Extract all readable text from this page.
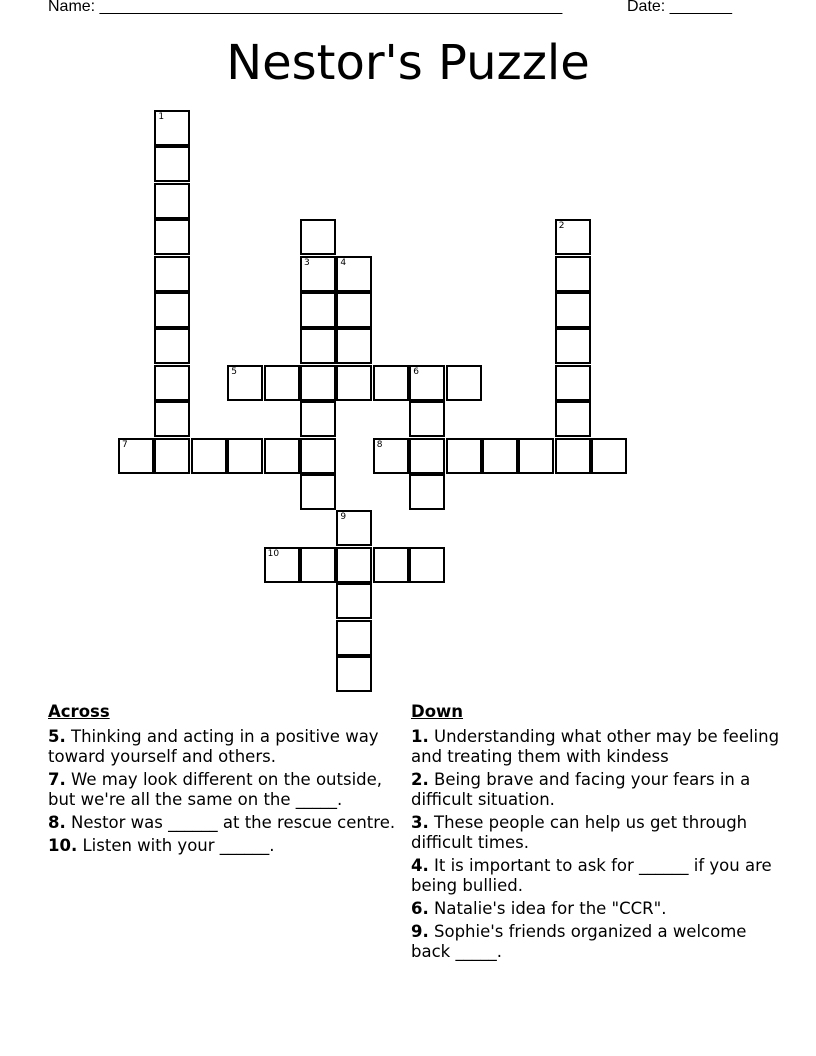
Name: ____________________________________________________	Date: _______
Nestor's Puzzle
1
3	4
5	6
2
7	8
9
10
Across
5. Thinking and acting in a positive way toward yourself and others.
7. We may look different on the outside, but we're all the same on the _____.
8. Nestor was ______ at the rescue centre.
10. Listen with your ______.
Down
1. Understanding what other may be feeling and treating them with kindess
2. Being brave and facing your fears in a difficult situation.
3. These people can help us get through difficult times.
4. It is important to ask for ______ if you are being bullied.
6. Natalie's idea for the "CCR".
9. Sophie's friends organized a welcome back _____.
